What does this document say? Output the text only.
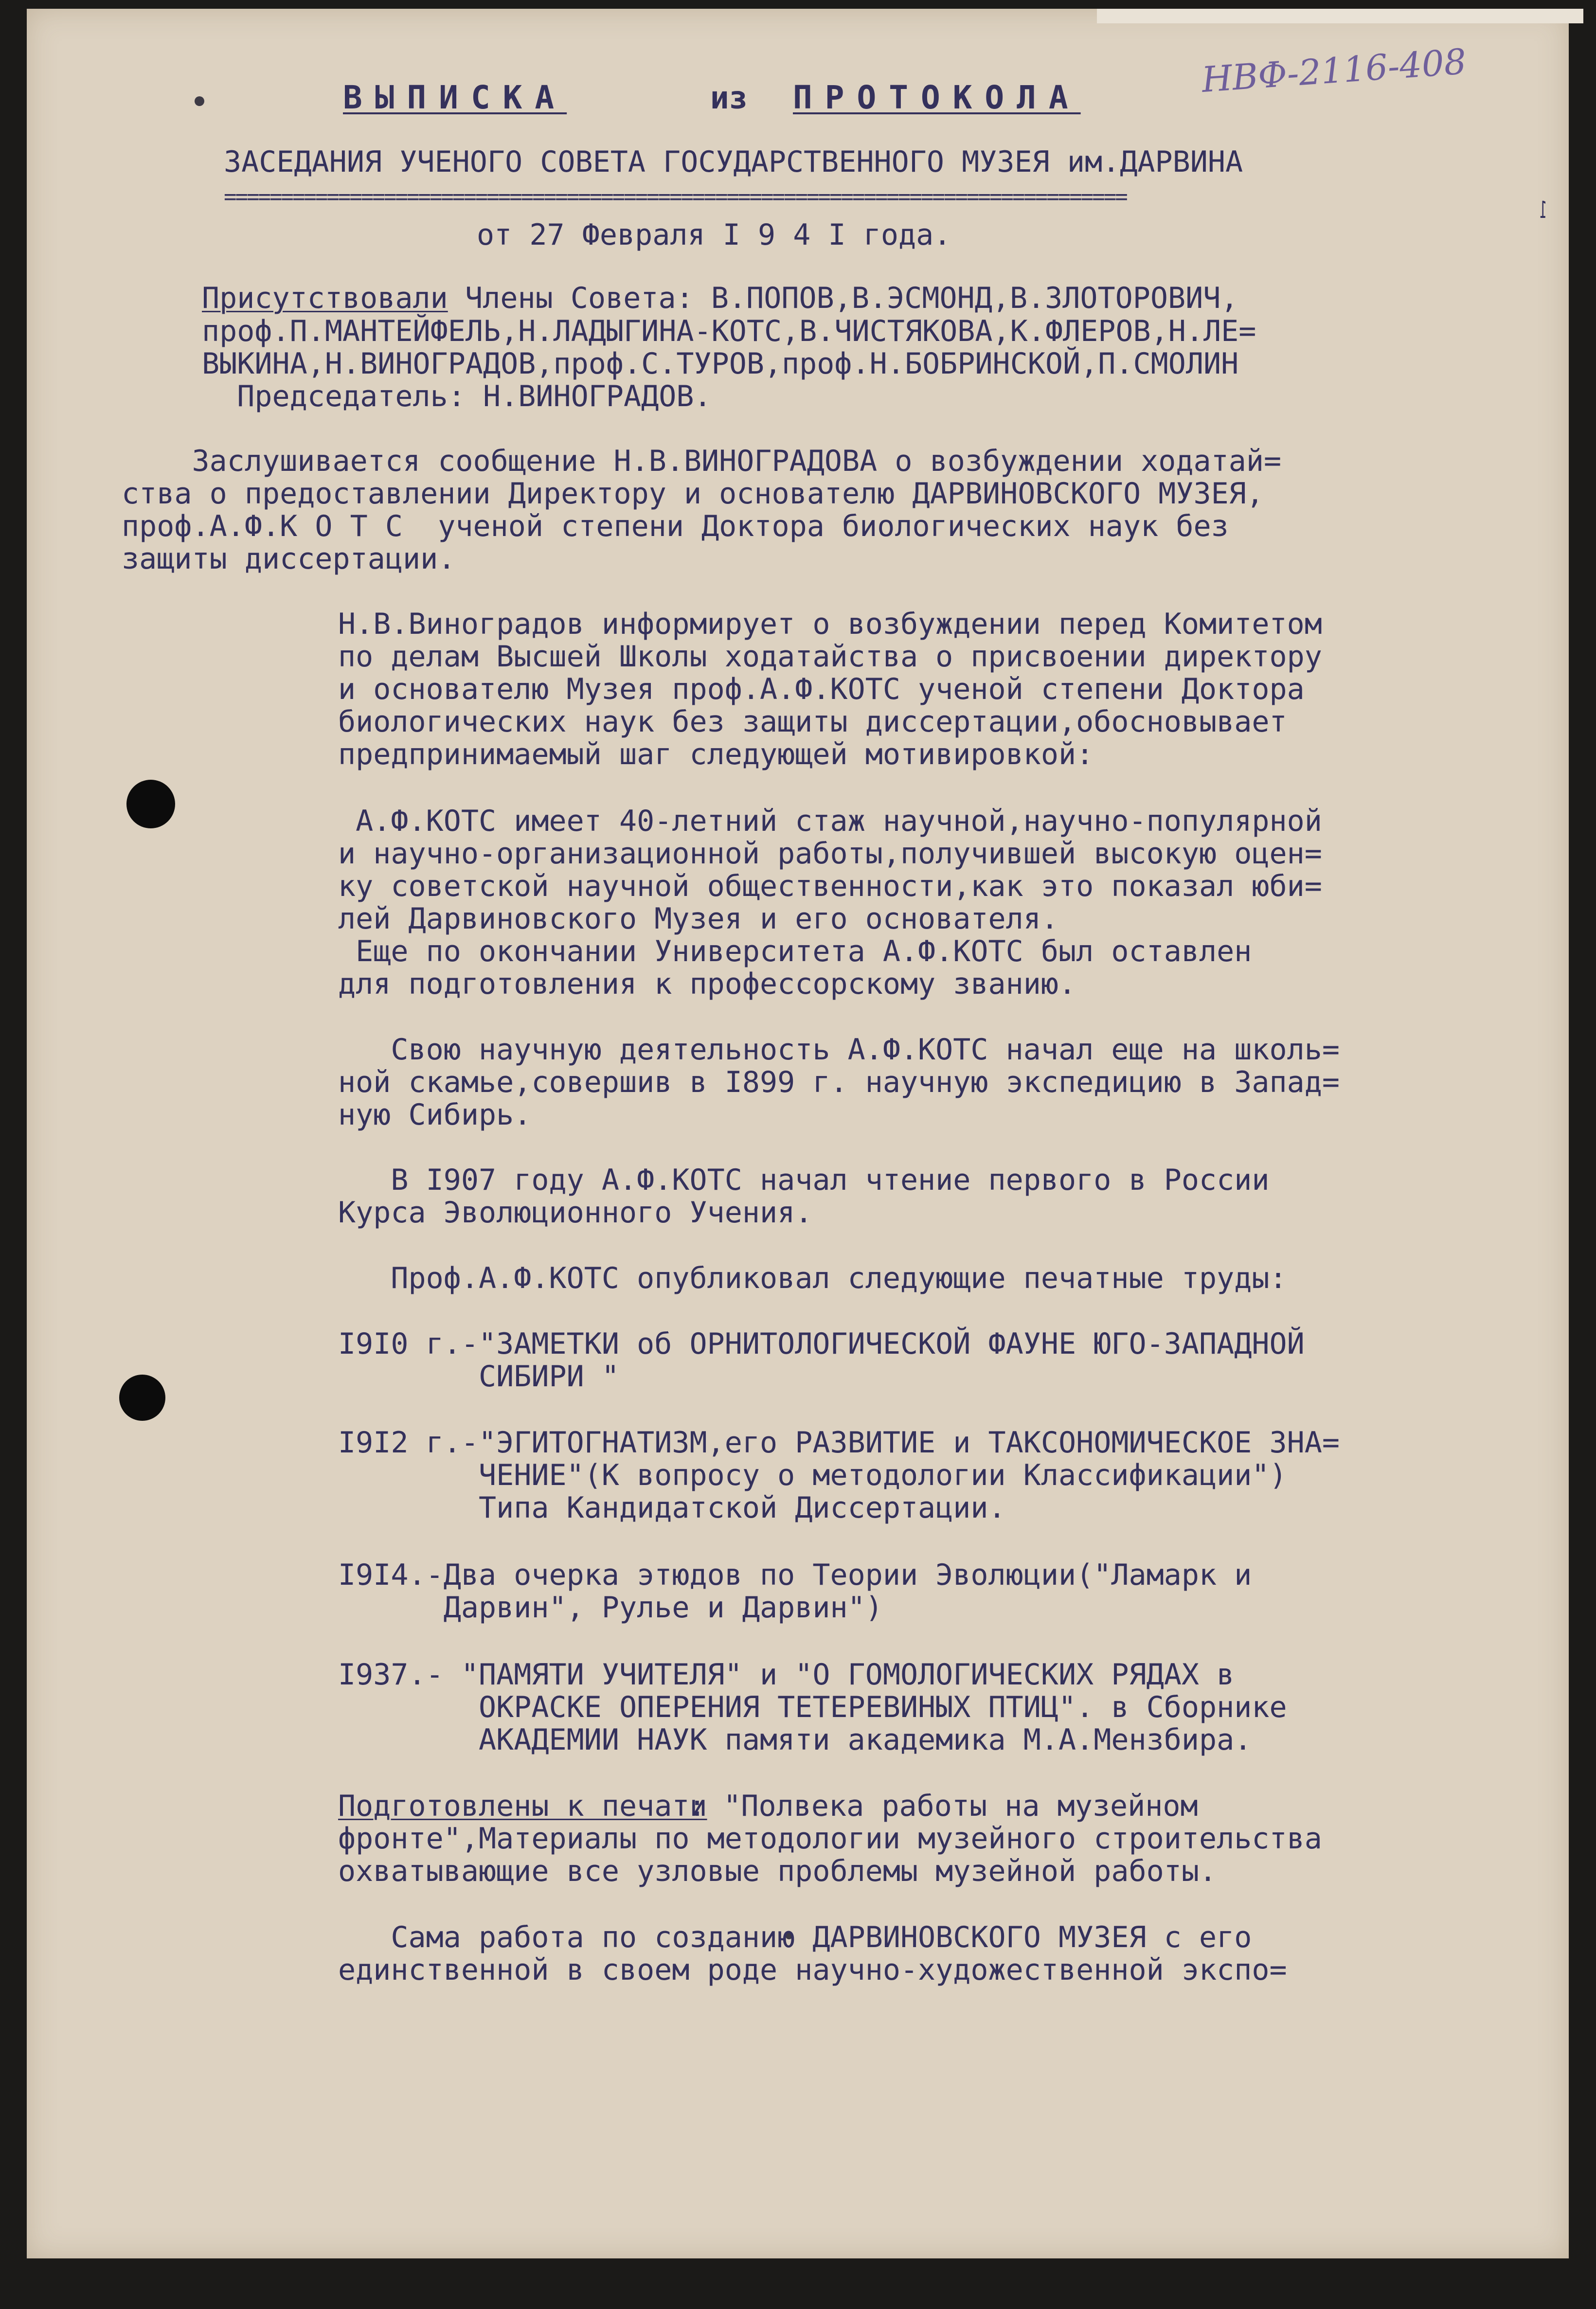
НВФ-2116-408
1
ВЫПИСКА	из ПРОТОКОЛА
ЗАСЕДАНИЯ УЧЕНОГО СОВЕТА ГОСУДАРСТВЕННОГО МУЗЕЯ им.ДАРВИНА
===============================================================================
от 27 Февраля I 9 4 I года.
Присутствовали Члены Совета: В.ПОПОВ,В.ЭСМОНД,В.ЗЛОТОРОВИЧ,
проф.П.МАНТЕЙФЕЛЬ,Н.ЛАДЫГИНА-КОТС,В.ЧИСТЯКОВА,К.ФЛЕРОВ,Н.ЛЕ=
ВЫКИНА,Н.ВИНОГРАДОВ,проф.С.ТУРОВ,проф.Н.БОБРИНСКОЙ,П.СМОЛИН
Председатель: Н.ВИНОГРАДОВ.
Заслушивается сообщение Н.В.ВИНОГРАДОВА о возбуждении ходатай=
ства о предоставлении Директору и основателю ДАРВИНОВСКОГО МУЗЕЯ,
проф.А.Ф.К О Т С  ученой степени Доктора биологических наук без
защиты диссертации.
Н.В.Виноградов информирует о возбуждении перед Комитетом
по делам Высшей Школы ходатайства о присвоении директору
и основателю Музея проф.А.Ф.КОТС ученой степени Доктора
биологических наук без защиты диссертации,обосновывает
предпринимаемый шаг следующей мотивировкой:
А.Ф.КОТС имеет 40-летний стаж научной,научно-популярной
и научно-организационной работы,получившей высокую оцен=
ку советской научной общественности,как это показал юби=
лей Дарвиновского Музея и его основателя.
Еще по окончании Университета А.Ф.КОТС был оставлен
для подготовления к профессорскому званию.
Свою научную деятельность А.Ф.КОТС начал еще на школь=
ной скамье,совершив в I899 г. научную экспедицию в Запад=
ную Сибирь.
В I907 году А.Ф.КОТС начал чтение первого в России
Курса Эволюционного Учения.
Проф.А.Ф.КОТС опубликовал следующие печатные труды:
I9I0 г.-"ЗАМЕТКИ об ОРНИТОЛОГИЧЕСКОЙ ФАУНЕ ЮГО-ЗАПАДНОЙ
СИБИРИ "
I9I2 г.-"ЭГИТОГНАТИЗМ,его РАЗВИТИЕ и ТАКСОНОМИЧЕСКОЕ ЗНА=
ЧЕНИЕ"(К вопросу о методологии Классификации")
Типа Кандидатской Диссертации.
I9I4.-Два очерка этюдов по Теории Эволюции("Ламарк и
Дарвин", Рулье и Дарвин")
I937.- "ПАМЯТИ УЧИТЕЛЯ" и "О ГОМОЛОГИЧЕСКИХ РЯДАХ в
ОКРАСКЕ ОПЕРЕНИЯ ТЕТЕРЕВИНЫХ ПТИЦ". в Сборнике
АКАДЕМИИ НАУК памяти академика М.А.Мензбира.
Подготовлены к печати
: "Полвека работы на музейном
фронте",Материалы по методологии музейного строительства
охватывающие все узловые проблемы музейной работы.
Сама работа по созданию ДАРВИНОВСКОГО МУЗЕЯ с его
единственной в своем роде научно-художественной экспо=
